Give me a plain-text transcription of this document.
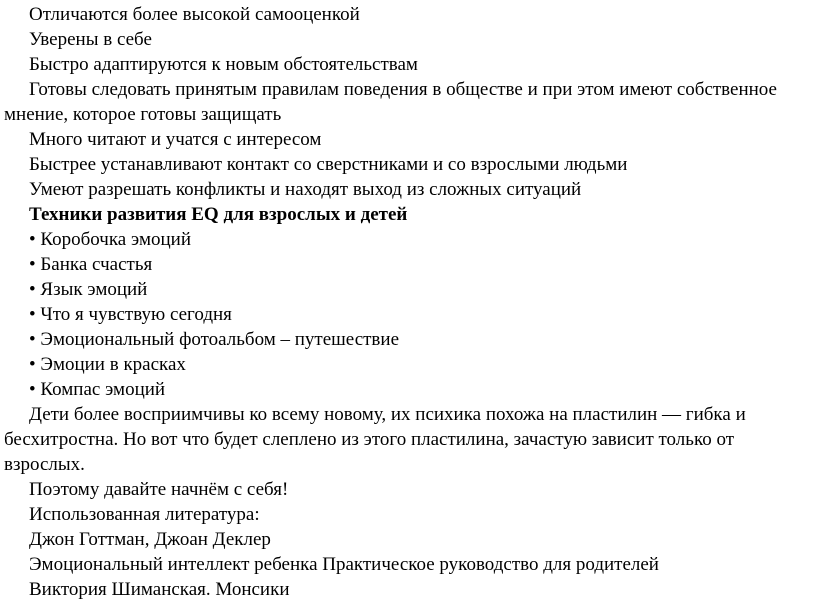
Отличаются более высокой самооценкой

Уверены в себе

Быстро адаптируются к новым обстоятельствам

Готовы следовать принятым правилам поведения в обществе и при этом имеют собственное мнение, которое готовы защищать

Много читают и учатся с интересом

Быстрее устанавливают контакт со сверстниками и со взрослыми людьми

Умеют разрешать конфликты и находят выход из сложных ситуаций

Техники развития EQ для взрослых и детей

• Коробочка эмоций

• Банка счастья

• Язык эмоций

• Что я чувствую сегодня

• Эмоциональный фотоальбом – путешествие

• Эмоции в красках

• Компас эмоций

Дети более восприимчивы ко всему новому, их психика похожа на пластилин — гибка и бесхитростна. Но вот что будет слеплено из этого пластилина, зачастую зависит только от взрослых.

Поэтому давайте начнём с себя!

Использованная литература:

Джон Готтман, Джоан Деклер

Эмоциональный интеллект ребенка Практическое руководство для родителей

Виктория Шиманская. Монсики
